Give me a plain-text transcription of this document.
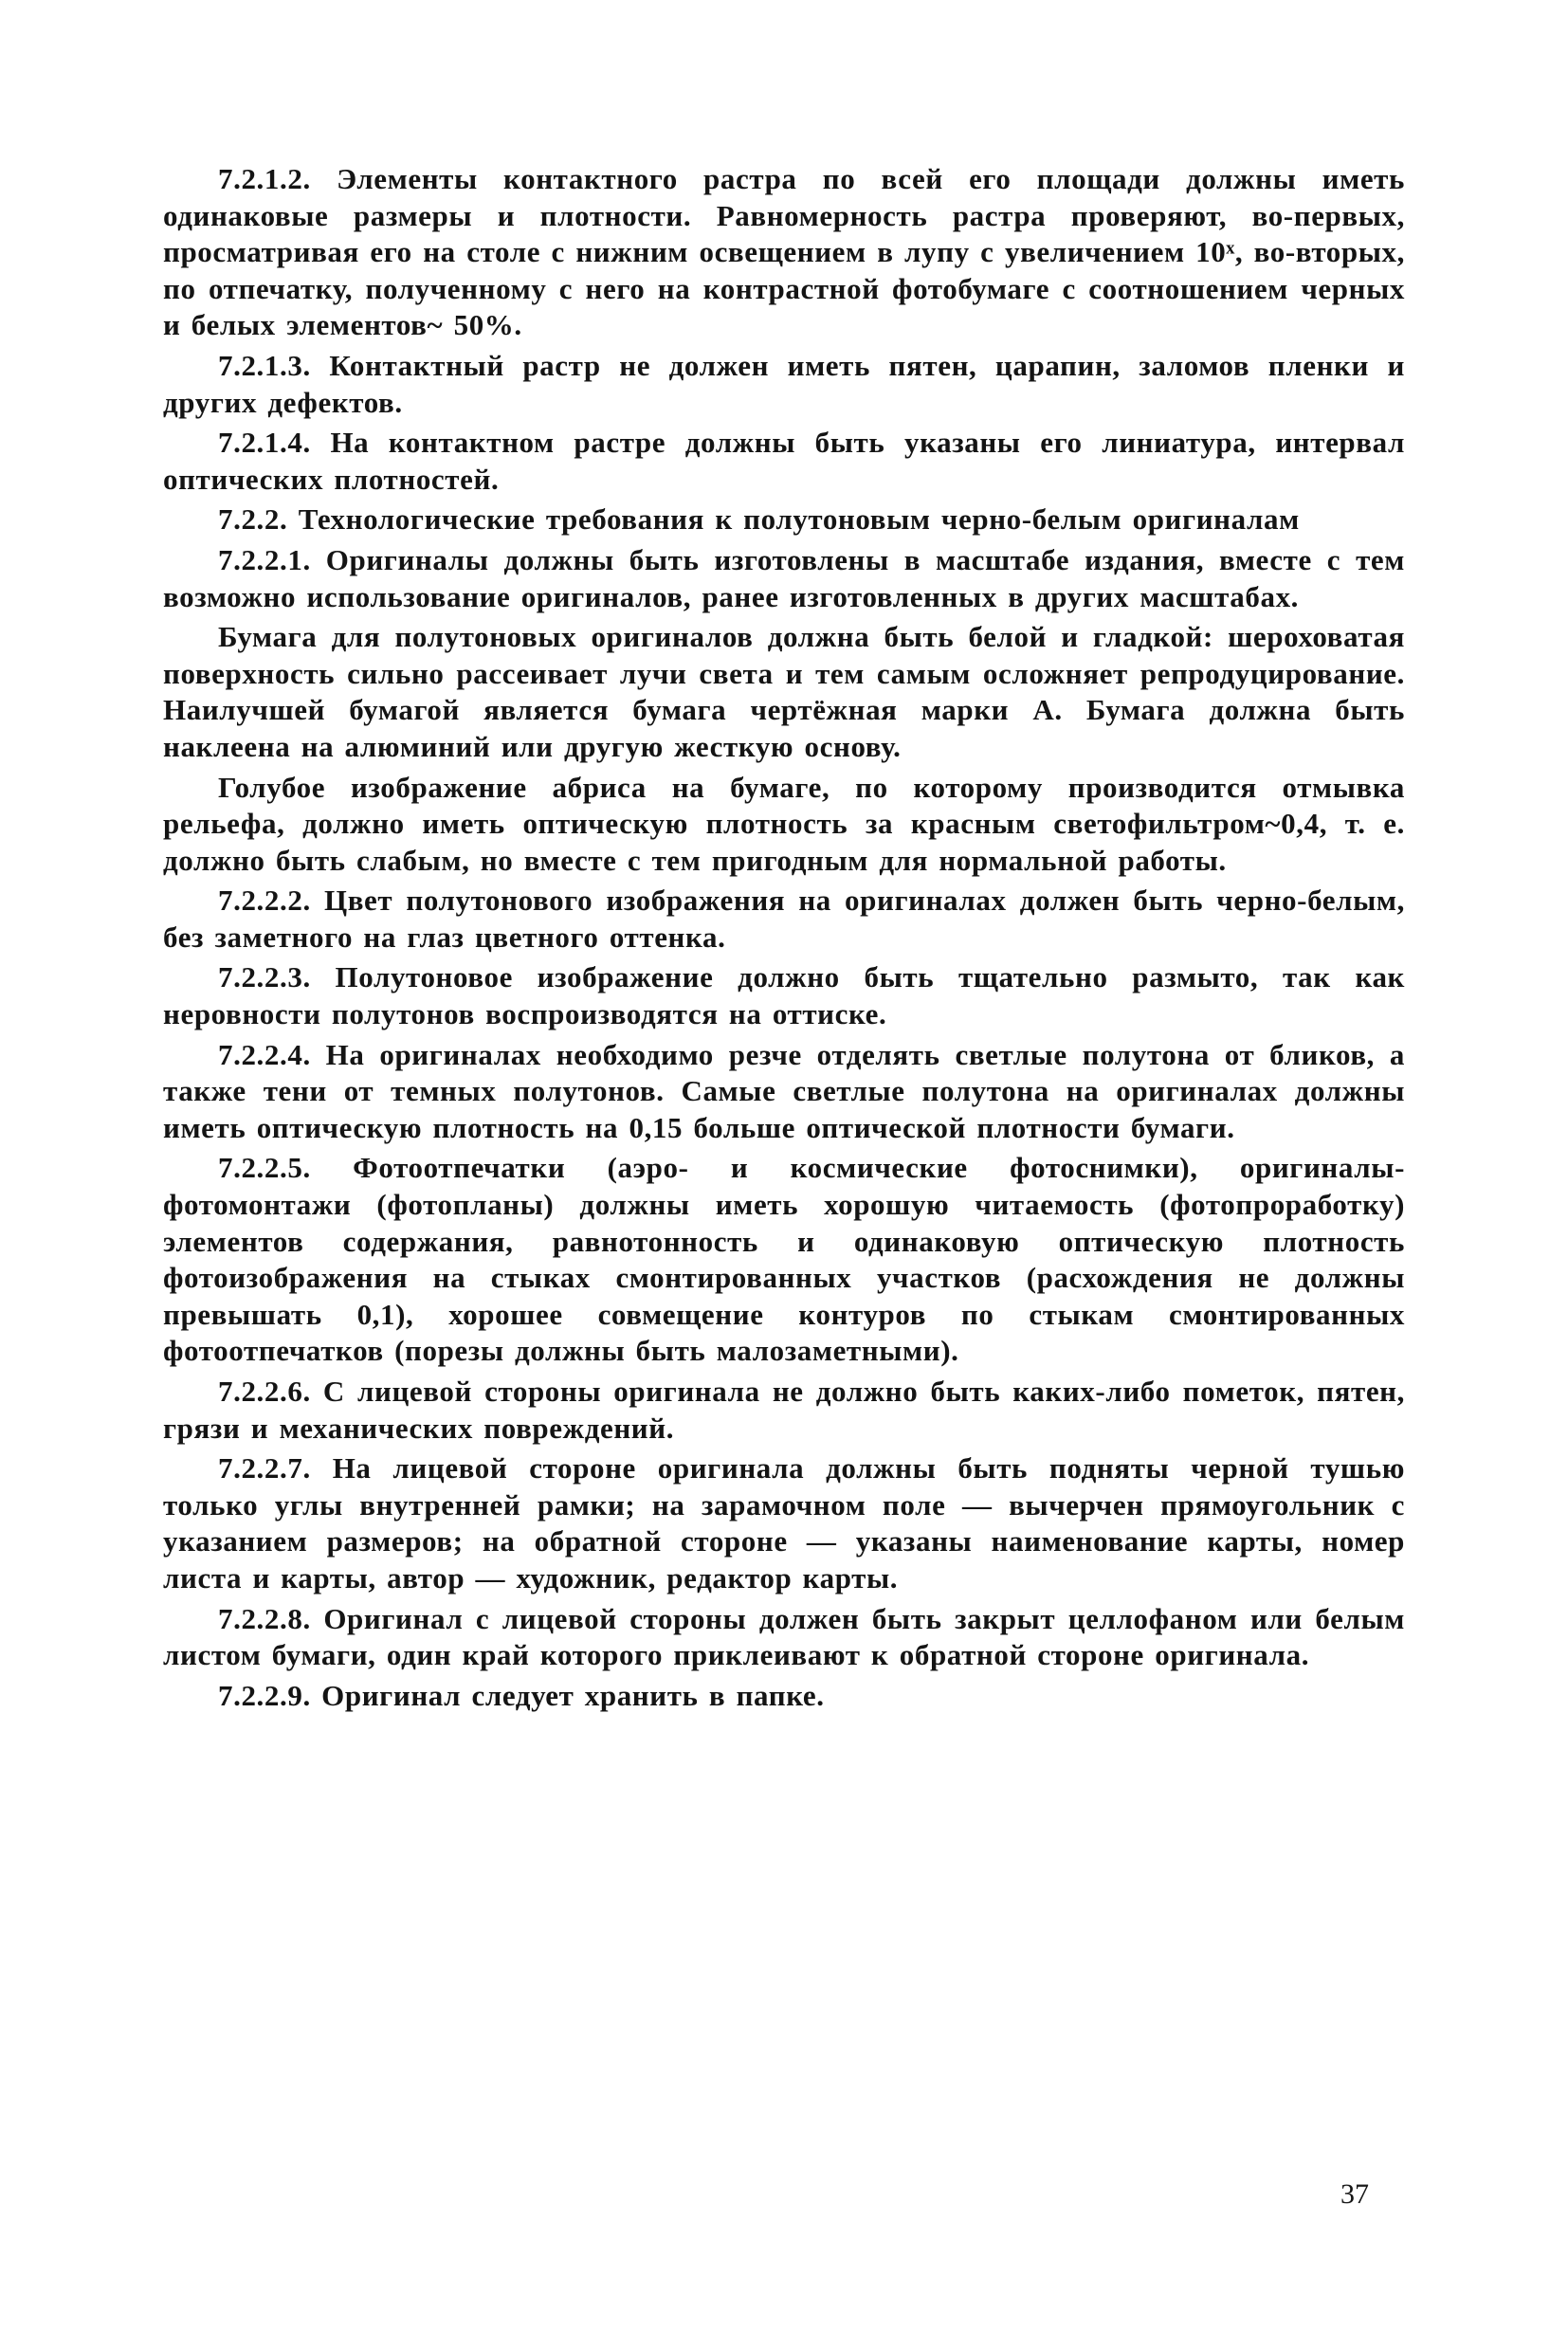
7.2.1.2. Элементы контактного растра по всей его площади должны иметь одинаковые размеры и плотности. Равномерность растра проверяют, во-первых, просматривая его на столе с нижним освещением в лупу с увеличением 10ˣ, во-вторых, по отпечатку, полученному с него на контрастной фотобумаге с соотношением черных и белых элементов~ 50%.

7.2.1.3. Контактный растр не должен иметь пятен, царапин, заломов пленки и других дефектов.

7.2.1.4. На контактном растре должны быть указаны его линиатура, интервал оптических плотностей.

7.2.2. Технологические требования к полутоновым черно-белым оригиналам

7.2.2.1. Оригиналы должны быть изготовлены в масштабе издания, вместе с тем возможно использование оригиналов, ранее изготовленных в других масштабах.

Бумага для полутоновых оригиналов должна быть белой и гладкой: шероховатая поверхность сильно рассеивает лучи света и тем самым осложняет репродуцирование. Наилучшей бумагой является бумага чертёжная марки А. Бумага должна быть наклеена на алюминий или другую жесткую основу.

Голубое изображение абриса на бумаге, по которому производится отмывка рельефа, должно иметь оптическую плотность за красным светофильтром~0,4, т. е. должно быть слабым, но вместе с тем пригодным для нормальной работы.

7.2.2.2. Цвет полутонового изображения на оригиналах должен быть черно-белым, без заметного на глаз цветного оттенка.

7.2.2.3. Полутоновое изображение должно быть тщательно размыто, так как неровности полутонов воспроизводятся на оттиске.

7.2.2.4. На оригиналах необходимо резче отделять светлые полутона от бликов, а также тени от темных полутонов. Самые светлые полутона на оригиналах должны иметь оптическую плотность на 0,15 больше оптической плотности бумаги.

7.2.2.5. Фотоотпечатки (аэро- и космические фотоснимки), оригиналы-фотомонтажи (фотопланы) должны иметь хорошую читаемость (фотопроработку) элементов содержания, равнотонность и одинаковую оптическую плотность фотоизображения на стыках смонтированных участков (расхождения не должны превышать 0,1), хорошее совмещение контуров по стыкам смонтированных фотоотпечатков (порезы должны быть малозаметными).

7.2.2.6. С лицевой стороны оригинала не должно быть каких-либо пометок, пятен, грязи и механических повреждений.

7.2.2.7. На лицевой стороне оригинала должны быть подняты черной тушью только углы внутренней рамки; на зарамочном поле — вычерчен прямоугольник с указанием размеров; на обратной стороне — указаны наименование карты, номер листа и карты, автор — художник, редактор карты.

7.2.2.8. Оригинал с лицевой стороны должен быть закрыт целлофаном или белым листом бумаги, один край которого приклеивают к обратной стороне оригинала.

7.2.2.9. Оригинал следует хранить в папке.

37
